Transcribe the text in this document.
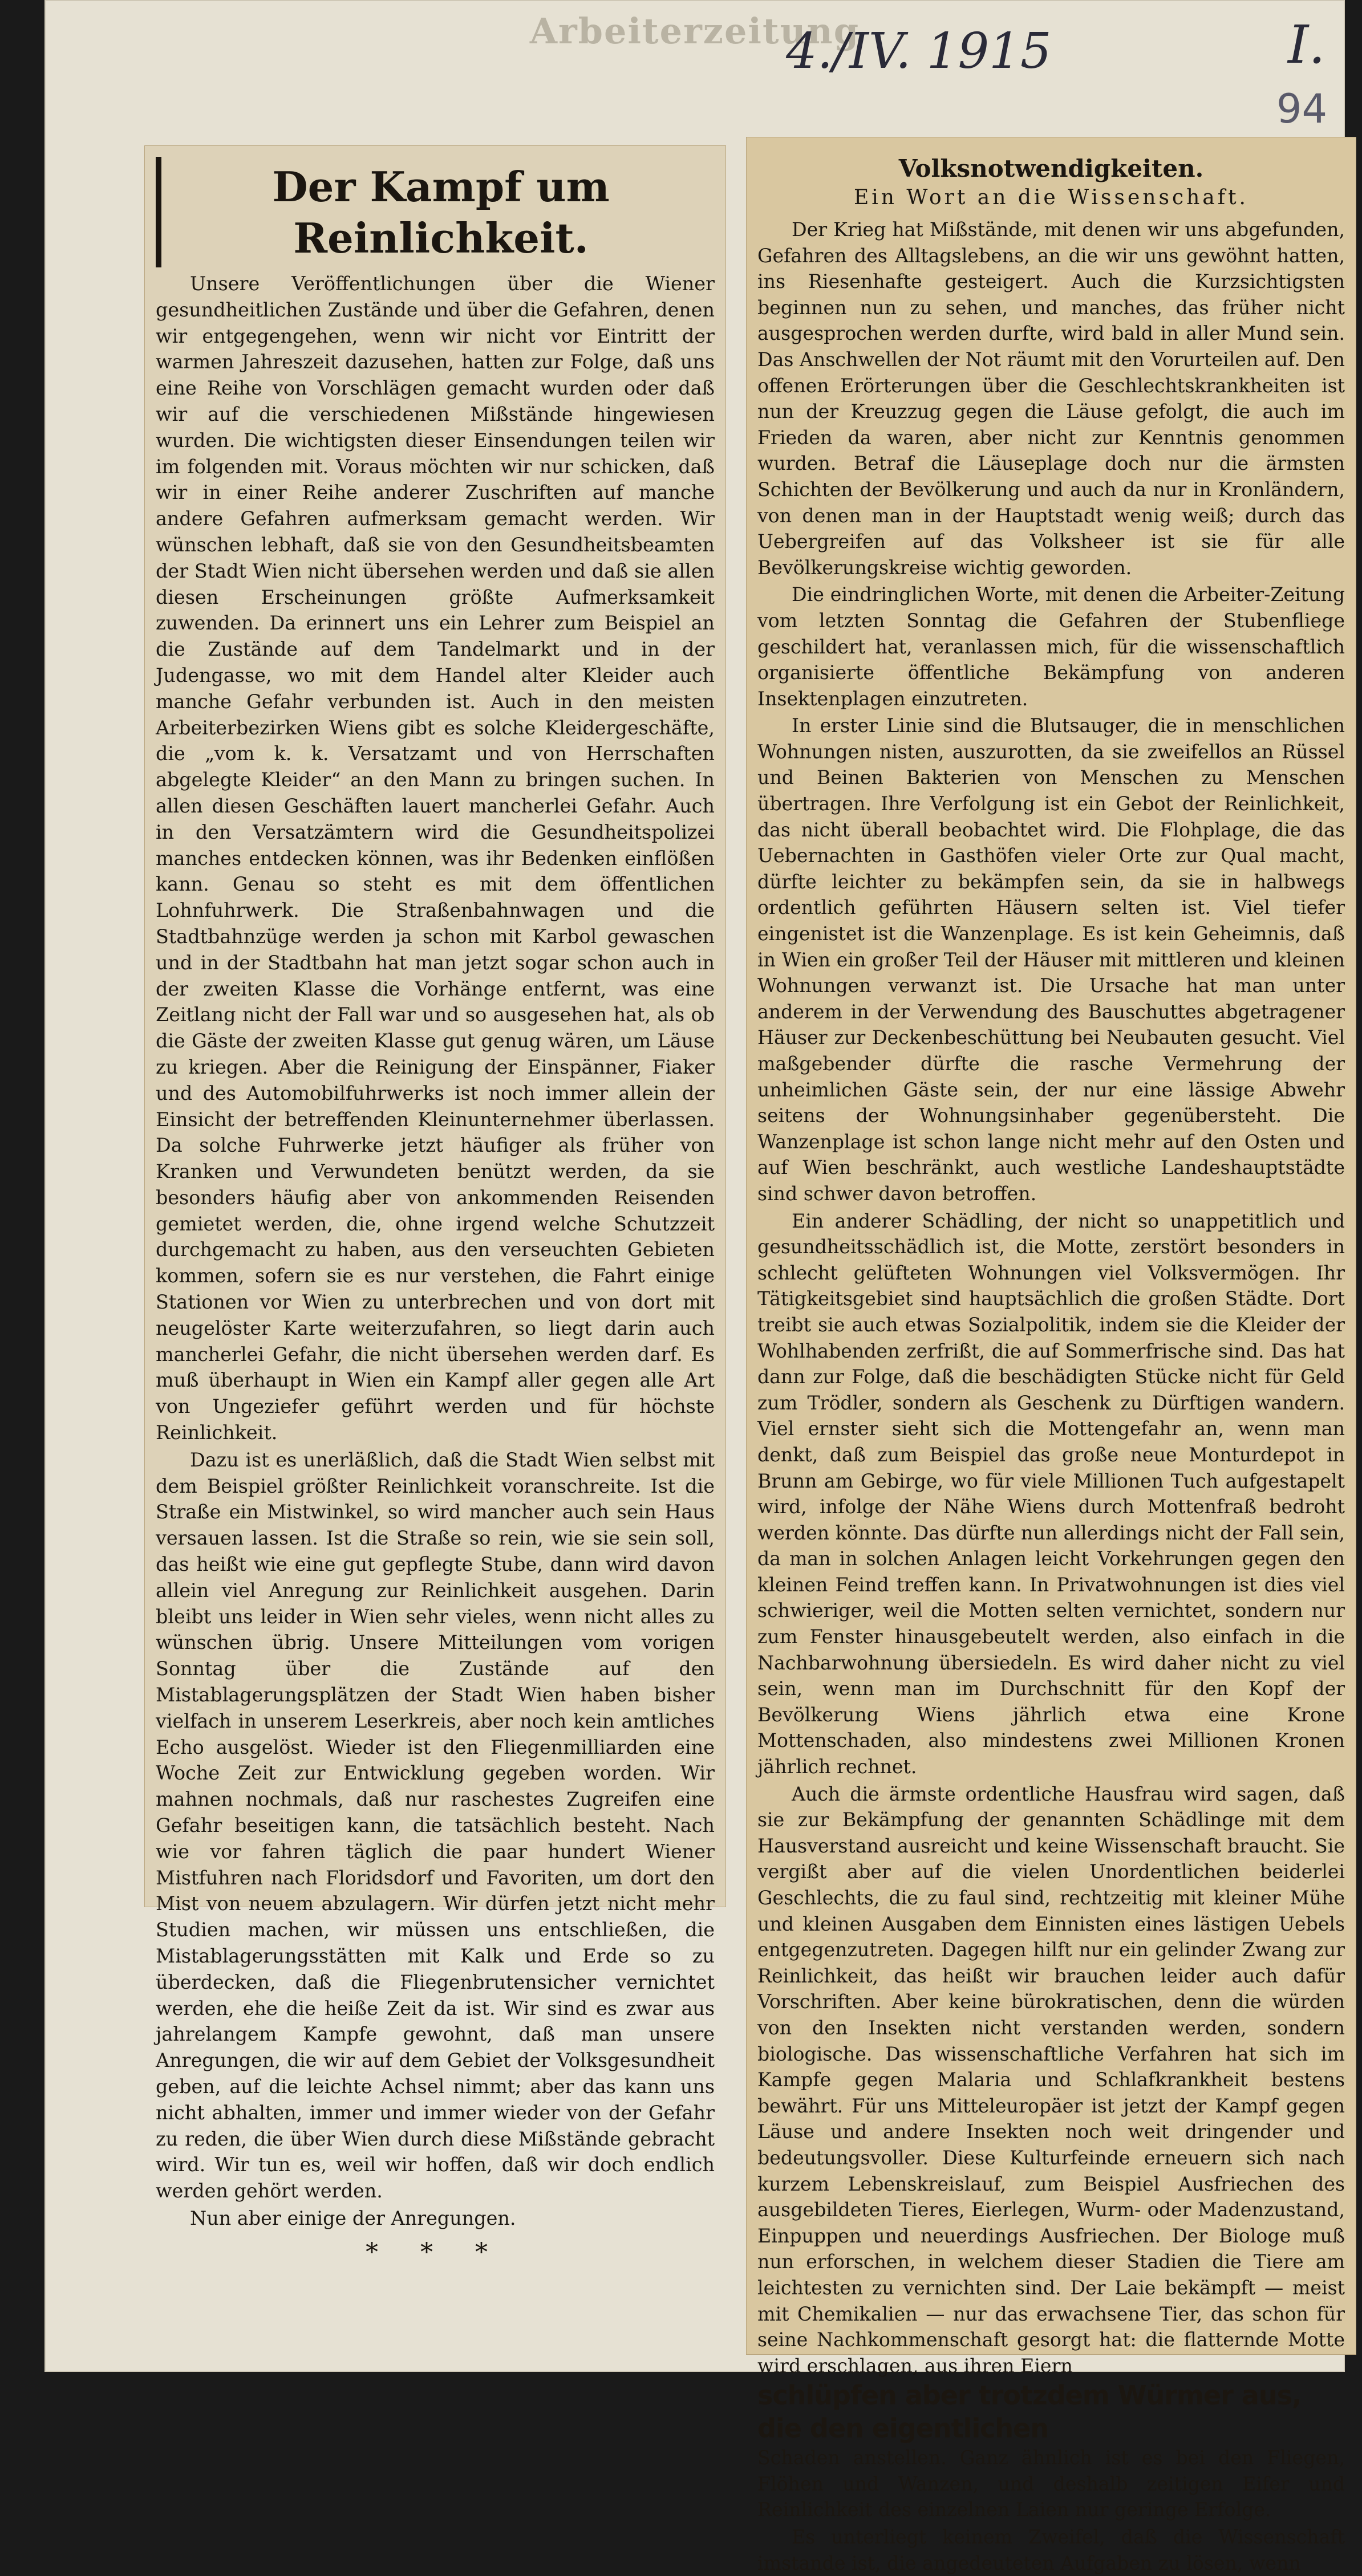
Arbeiterzeitung
4./IV. 1915	I.
94
Der Kampf um Reinlichkeit.

Unsere Veröffentlichungen über die Wiener gesundheitlichen Zustände und über die Gefahren, denen wir entgegengehen, wenn wir nicht vor Eintritt der warmen Jahreszeit dazusehen, hatten zur Folge, daß uns eine Reihe von Vorschlägen gemacht wurden oder daß wir auf die verschiedenen Mißstände hingewiesen wurden. Die wichtigsten dieser Einsendungen teilen wir im folgenden mit. Voraus möchten wir nur schicken, daß wir in einer Reihe anderer Zuschriften auf manche andere Gefahren aufmerksam gemacht werden. Wir wünschen lebhaft, daß sie von den Gesundheitsbeamten der Stadt Wien nicht übersehen werden und daß sie allen diesen Erscheinungen größte Aufmerksamkeit zuwenden. Da erinnert uns ein Lehrer zum Beispiel an die Zustände auf dem Tandelmarkt und in der Judengasse, wo mit dem Handel alter Kleider auch manche Gefahr verbunden ist. Auch in den meisten Arbeiterbezirken Wiens gibt es solche Kleidergeschäfte, die „vom k. k. Versatzamt und von Herrschaften abgelegte Kleider“ an den Mann zu bringen suchen. In allen diesen Geschäften lauert mancherlei Gefahr. Auch in den Versatzämtern wird die Gesundheitspolizei manches entdecken können, was ihr Bedenken einflößen kann. Genau so steht es mit dem öffentlichen Lohnfuhrwerk. Die Straßenbahnwagen und die Stadtbahnzüge werden ja schon mit Karbol gewaschen und in der Stadtbahn hat man jetzt sogar schon auch in der zweiten Klasse die Vorhänge entfernt, was eine Zeitlang nicht der Fall war und so ausgesehen hat, als ob die Gäste der zweiten Klasse gut genug wären, um Läuse zu kriegen. Aber die Reinigung der Einspänner, Fiaker und des Automobilfuhrwerks ist noch immer allein der Einsicht der betreffenden Kleinunternehmer überlassen. Da solche Fuhrwerke jetzt häufiger als früher von Kranken und Verwundeten benützt werden, da sie besonders häufig aber von ankommenden Reisenden gemietet werden, die, ohne irgend welche Schutzzeit durchgemacht zu haben, aus den verseuchten Gebieten kommen, sofern sie es nur verstehen, die Fahrt einige Stationen vor Wien zu unterbrechen und von dort mit neugelöster Karte weiterzufahren, so liegt darin auch mancherlei Gefahr, die nicht übersehen werden darf. Es muß überhaupt in Wien ein Kampf aller gegen alle Art von Ungeziefer geführt werden und für höchste Reinlichkeit.

Dazu ist es unerläßlich, daß die Stadt Wien selbst mit dem Beispiel größter Reinlichkeit voranschreite. Ist die Straße ein Mistwinkel, so wird mancher auch sein Haus versauen lassen. Ist die Straße so rein, wie sie sein soll, das heißt wie eine gut gepflegte Stube, dann wird davon allein viel Anregung zur Reinlichkeit ausgehen. Darin bleibt uns leider in Wien sehr vieles, wenn nicht alles zu wünschen übrig. Unsere Mitteilungen vom vorigen Sonntag über die Zustände auf den Mistablagerungsplätzen der Stadt Wien haben bisher vielfach in unserem Leserkreis, aber noch kein amtliches Echo ausgelöst. Wieder ist den Fliegenmilliarden eine Woche Zeit zur Entwicklung gegeben worden. Wir mahnen nochmals, daß nur raschestes Zugreifen eine Gefahr beseitigen kann, die tatsächlich besteht. Nach wie vor fahren täglich die paar hundert Wiener Mistfuhren nach Floridsdorf und Favoriten, um dort den Mist von neuem abzulagern. Wir dürfen jetzt nicht mehr Studien machen, wir müssen uns entschließen, die Mistablagerungsstätten mit Kalk und Erde so zu überdecken, daß die Fliegenbrutensicher vernichtet werden, ehe die heiße Zeit da ist. Wir sind es zwar aus jahrelangem Kampfe gewohnt, daß man unsere Anregungen, die wir auf dem Gebiet der Volksgesundheit geben, auf die leichte Achsel nimmt; aber das kann uns nicht abhalten, immer und immer wieder von der Gefahr zu reden, die über Wien durch diese Mißstände gebracht wird. Wir tun es, weil wir hoffen, daß wir doch endlich werden gehört werden.

Nun aber einige der Anregungen.

* * *
Volksnotwendigkeiten.
Ein Wort an die Wissenschaft.

Der Krieg hat Mißstände, mit denen wir uns abgefunden, Gefahren des Alltagslebens, an die wir uns gewöhnt hatten, ins Riesenhafte gesteigert. Auch die Kurzsichtigsten beginnen nun zu sehen, und manches, das früher nicht ausgesprochen werden durfte, wird bald in aller Mund sein. Das Anschwellen der Not räumt mit den Vorurteilen auf. Den offenen Erörterungen über die Geschlechtskrankheiten ist nun der Kreuzzug gegen die Läuse gefolgt, die auch im Frieden da waren, aber nicht zur Kenntnis genommen wurden. Betraf die Läuseplage doch nur die ärmsten Schichten der Bevölkerung und auch da nur in Kronländern, von denen man in der Hauptstadt wenig weiß; durch das Uebergreifen auf das Volksheer ist sie für alle Bevölkerungskreise wichtig geworden.

Die eindringlichen Worte, mit denen die Arbeiter-Zeitung vom letzten Sonntag die Gefahren der Stubenfliege geschildert hat, veranlassen mich, für die wissenschaftlich organisierte öffentliche Bekämpfung von anderen Insektenplagen einzutreten.

In erster Linie sind die Blutsauger, die in menschlichen Wohnungen nisten, auszurotten, da sie zweifellos an Rüssel und Beinen Bakterien von Menschen zu Menschen übertragen. Ihre Verfolgung ist ein Gebot der Reinlichkeit, das nicht überall beobachtet wird. Die Flohplage, die das Uebernachten in Gasthöfen vieler Orte zur Qual macht, dürfte leichter zu bekämpfen sein, da sie in halbwegs ordentlich geführten Häusern selten ist. Viel tiefer eingenistet ist die Wanzenplage. Es ist kein Geheimnis, daß in Wien ein großer Teil der Häuser mit mittleren und kleinen Wohnungen verwanzt ist. Die Ursache hat man unter anderem in der Verwendung des Bauschuttes abgetragener Häuser zur Deckenbeschüttung bei Neubauten gesucht. Viel maßgebender dürfte die rasche Vermehrung der unheimlichen Gäste sein, der nur eine lässige Abwehr seitens der Wohnungsinhaber gegenübersteht. Die Wanzenplage ist schon lange nicht mehr auf den Osten und auf Wien beschränkt, auch westliche Landeshauptstädte sind schwer davon betroffen.

Ein anderer Schädling, der nicht so unappetitlich und gesundheitsschädlich ist, die Motte, zerstört besonders in schlecht gelüfteten Wohnungen viel Volksvermögen. Ihr Tätigkeitsgebiet sind hauptsächlich die großen Städte. Dort treibt sie auch etwas Sozialpolitik, indem sie die Kleider der Wohlhabenden zerfrißt, die auf Sommerfrische sind. Das hat dann zur Folge, daß die beschädigten Stücke nicht für Geld zum Trödler, sondern als Geschenk zu Dürftigen wandern. Viel ernster sieht sich die Mottengefahr an, wenn man denkt, daß zum Beispiel das große neue Monturdepot in Brunn am Gebirge, wo für viele Millionen Tuch aufgestapelt wird, infolge der Nähe Wiens durch Mottenfraß bedroht werden könnte. Das dürfte nun allerdings nicht der Fall sein, da man in solchen Anlagen leicht Vorkehrungen gegen den kleinen Feind treffen kann. In Privatwohnungen ist dies viel schwieriger, weil die Motten selten vernichtet, sondern nur zum Fenster hinausgebeutelt werden, also einfach in die Nachbarwohnung übersiedeln. Es wird daher nicht zu viel sein, wenn man im Durchschnitt für den Kopf der Bevölkerung Wiens jährlich etwa eine Krone Mottenschaden, also mindestens zwei Millionen Kronen jährlich rechnet.

Auch die ärmste ordentliche Hausfrau wird sagen, daß sie zur Bekämpfung der genannten Schädlinge mit dem Hausverstand ausreicht und keine Wissenschaft braucht. Sie vergißt aber auf die vielen Unordentlichen beiderlei Geschlechts, die zu faul sind, rechtzeitig mit kleiner Mühe und kleinen Ausgaben dem Einnisten eines lästigen Uebels entgegenzutreten. Dagegen hilft nur ein gelinder Zwang zur Reinlichkeit, das heißt wir brauchen leider auch dafür Vorschriften. Aber keine bürokratischen, denn die würden von den Insekten nicht verstanden werden, sondern biologische. Das wissenschaftliche Verfahren hat sich im Kampfe gegen Malaria und Schlafkrankheit bestens bewährt. Für uns Mitteleuropäer ist jetzt der Kampf gegen Läuse und andere Insekten noch weit dringender und bedeutungsvoller. Diese Kulturfeinde erneuern sich nach kurzem Lebenskreislauf, zum Beispiel Ausfriechen des ausgebildeten Tieres, Eierlegen, Wurm- oder Madenzustand, Einpuppen und neuerdings Ausfriechen. Der Biologe muß nun erforschen, in welchem dieser Stadien die Tiere am leichtesten zu vernichten sind. Der Laie bekämpft — meist mit Chemikalien — nur das erwachsene Tier, das schon für seine Nachkommenschaft gesorgt hat: die flatternde Motte wird erschlagen, aus ihren Eiern

schlüpfen aber trotzdem Würmer aus, die den eigentlichen

Schaden anstellen. Ganz ähnlich ist es bei den Fliegen, Flöhen und Wanzen, und deshalb zeitigen Eifer und Reinlichkeit des einzelnen Laien nur geringe Erfolge.

Es unterliegt keinem Zweifel, daß die Wissenschaft imstande ist, die angedeuteten Aufgaben zu lösen, wenn
